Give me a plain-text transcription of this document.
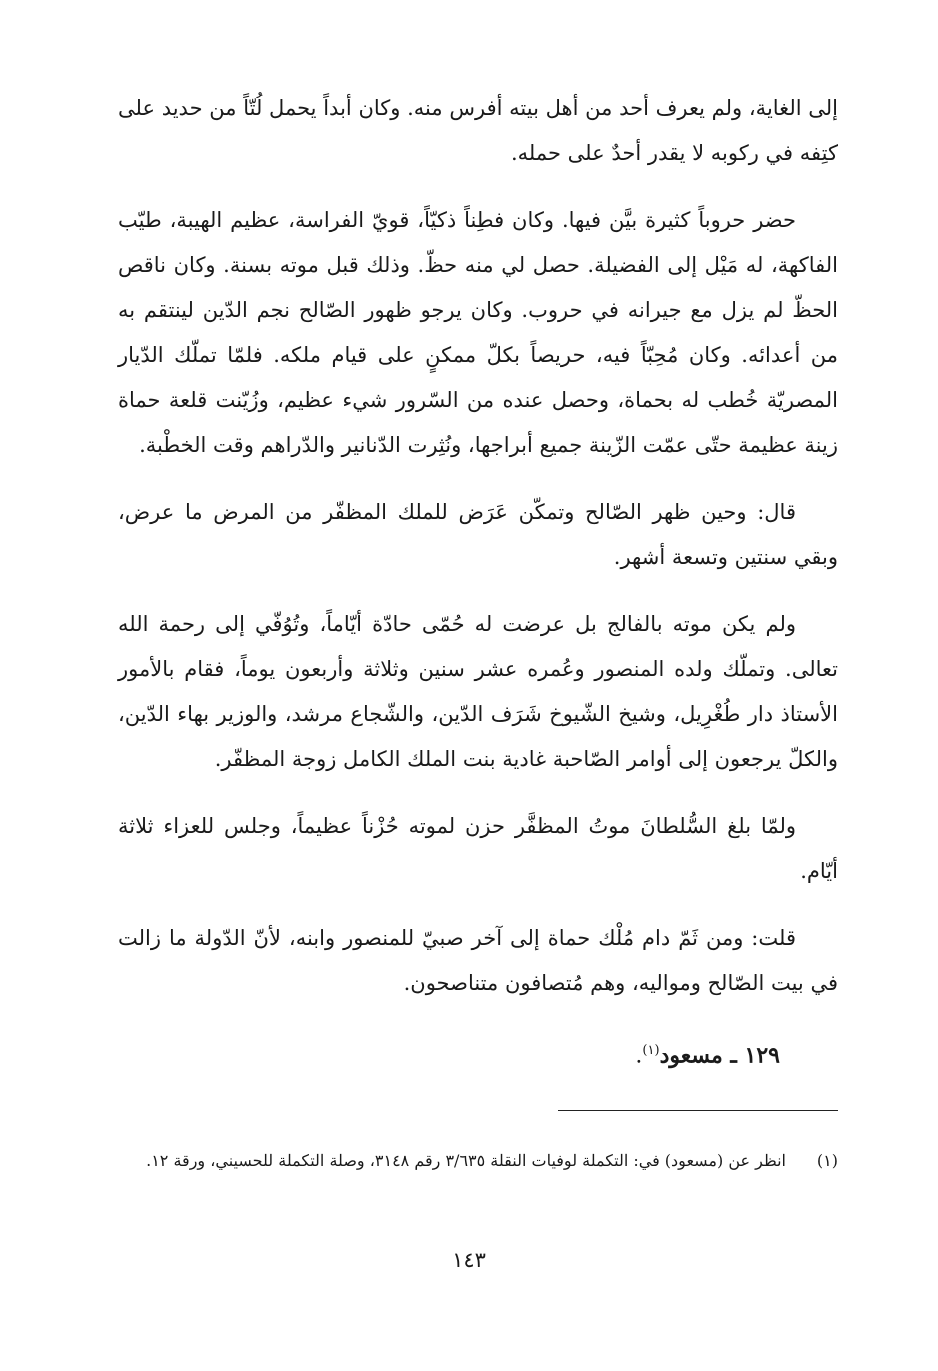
إلى الغاية، ولم يعرف أحد من أهل بيته أفرس منه. وكان أبداً يحمل لُتّاً من حديد على كتِفه في ركوبه لا يقدر أحدٌ على حمله.

حضر حروباً كثيرة بيَّن فيها. وكان فطِناً ذكيّاً، قويّ الفراسة، عظيم الهيبة، طيّب الفاكهة، له مَيْل إلى الفضيلة. حصل لي منه حظّ. وذلك قبل موته بسنة. وكان ناقص الحظّ لم يزل مع جيرانه في حروب. وكان يرجو ظهور الصّالح نجم الدّين لينتقم به من أعدائه. وكان مُحِبّاً فيه، حريصاً بكلّ ممكنٍ على قيام ملكه. فلمّا تملّك الدّيار المصريّة خُطب له بحماة، وحصل عنده من السّرور شيء عظيم، وزُيّنت قلعة حماة زينة عظيمة حتّى عمّت الزّينة جميع أبراجها، ونُثِرت الدّنانير والدّراهم وقت الخطْبة.

قال: وحين ظهر الصّالح وتمكّن عَرَض للملك المظفّر من المرض ما عرض، وبقي سنتين وتسعة أشهر.

ولم يكن موته بالفالج بل عرضت له حُمّى حادّة أيّاماً، وتُوُفّي إلى رحمة الله تعالى. وتملّك ولده المنصور وعُمره عشر سنين وثلاثة وأربعون يوماً، فقام بالأمور الأستاذ دار طُغْرِيل، وشيخ الشّيوخ شَرَف الدّين، والشّجاع مرشد، والوزير بهاء الدّين، والكلّ يرجعون إلى أوامر الصّاحبة غادية بنت الملك الكامل زوجة المظفّر.

ولمّا بلغ السُّلطانَ موتُ المظفَّر حزن لموته حُزْناً عظيماً، وجلس للعزاء ثلاثة أيّام.

قلت: ومن ثَمّ دام مُلْك حماة إلى آخر صبيّ للمنصور وابنه، لأنّ الدّولة ما زالت في بيت الصّالح ومواليه، وهم مُتصافون متناصحون.

١٢٩ ـ مسعود$^{(١)}$.

(١)
انظر عن (مسعود) في: التكملة لوفيات النقلة ٣/٦٣٥ رقم ٣١٤٨، وصلة التكملة للحسيني، ورقة ١٢.
١٤٣
